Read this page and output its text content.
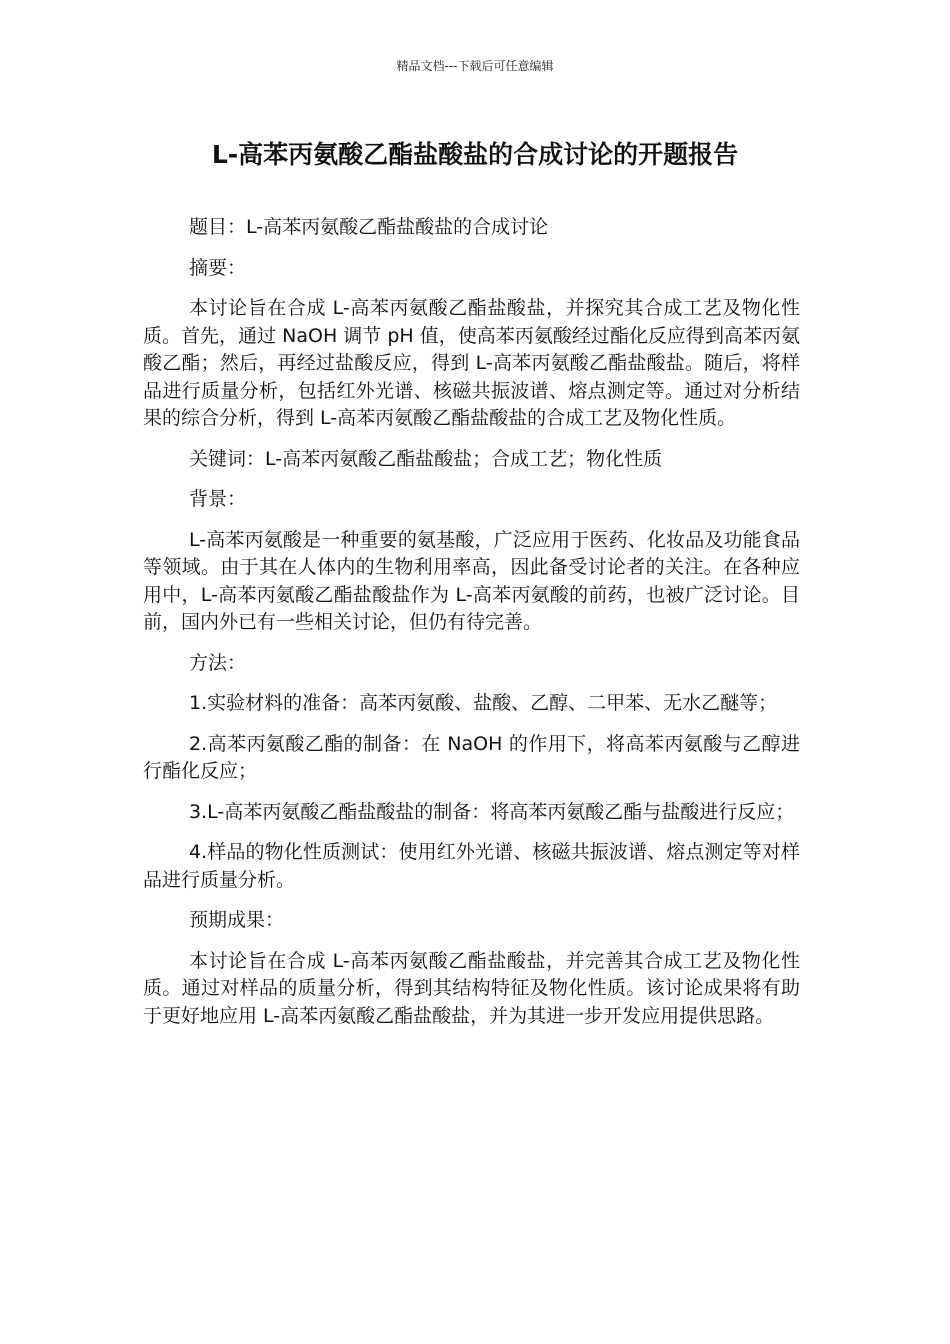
精品文档---下载后可任意编辑
L-高苯丙氨酸乙酯盐酸盐的合成讨论的开题报告

题目：L-高苯丙氨酸乙酯盐酸盐的合成讨论

摘要：

本讨论旨在合成 L-高苯丙氨酸乙酯盐酸盐，并探究其合成工艺及物化性质。首先，通过 NaOH 调节 pH 值，使高苯丙氨酸经过酯化反应得到高苯丙氨酸乙酯；然后，再经过盐酸反应，得到 L-高苯丙氨酸乙酯盐酸盐。随后，将样品进行质量分析，包括红外光谱、核磁共振波谱、熔点测定等。通过对分析结果的综合分析，得到 L-高苯丙氨酸乙酯盐酸盐的合成工艺及物化性质。

关键词：L-高苯丙氨酸乙酯盐酸盐；合成工艺；物化性质

背景：

L-高苯丙氨酸是一种重要的氨基酸，广泛应用于医药、化妆品及功能食品等领域。由于其在人体内的生物利用率高，因此备受讨论者的关注。在各种应用中，L-高苯丙氨酸乙酯盐酸盐作为 L-高苯丙氨酸的前药，也被广泛讨论。目前，国内外已有一些相关讨论，但仍有待完善。

方法：

1.实验材料的准备：高苯丙氨酸、盐酸、乙醇、二甲苯、无水乙醚等；

2.高苯丙氨酸乙酯的制备：在 NaOH 的作用下，将高苯丙氨酸与乙醇进行酯化反应；

3.L-高苯丙氨酸乙酯盐酸盐的制备：将高苯丙氨酸乙酯与盐酸进行反应；

4.样品的物化性质测试：使用红外光谱、核磁共振波谱、熔点测定等对样品进行质量分析。

预期成果：

本讨论旨在合成 L-高苯丙氨酸乙酯盐酸盐，并完善其合成工艺及物化性质。通过对样品的质量分析，得到其结构特征及物化性质。该讨论成果将有助于更好地应用 L-高苯丙氨酸乙酯盐酸盐，并为其进一步开发应用提供思路。
